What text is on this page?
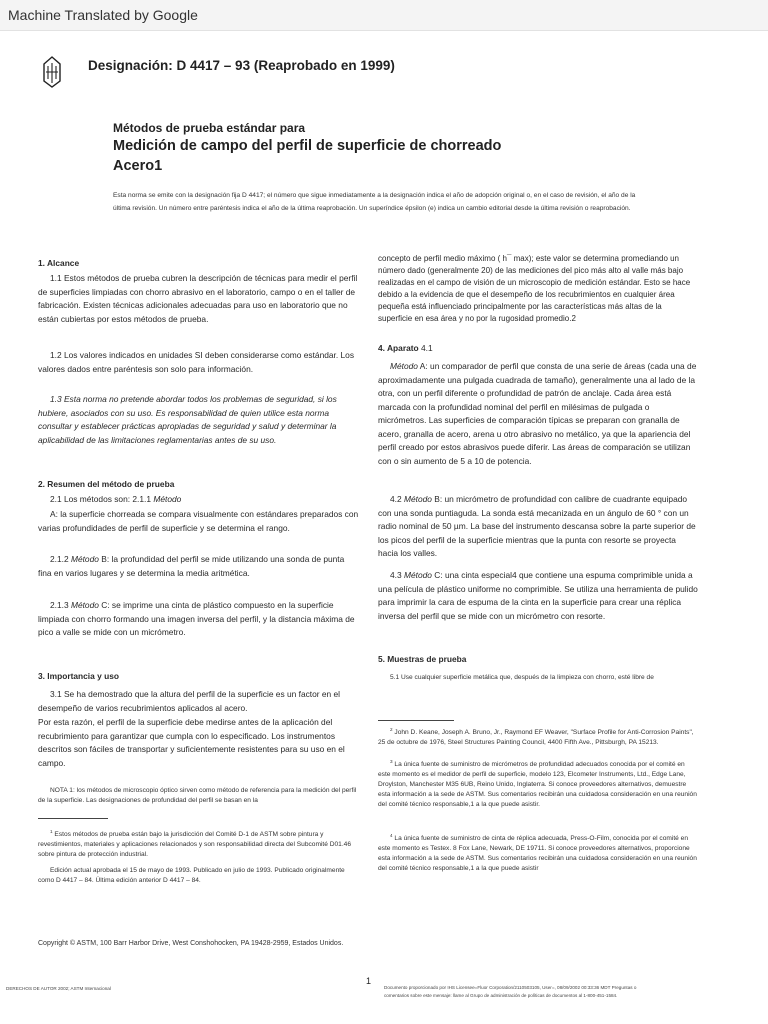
Machine Translated by Google
Designación: D 4417 – 93 (Reaprobado en 1999)
Métodos de prueba estándar para
Medición de campo del perfil de superficie de chorreado
Acero1
Esta norma se emite con la designación fija D 4417; el número que sigue inmediatamente a la designación indica el año de adopción original o, en el caso de revisión, el año de la última revisión. Un número entre paréntesis indica el año de la última reaprobación. Un superíndice épsilon (e) indica un cambio editorial desde la última revisión o reaprobación.
1. Alcance

1.1 Estos métodos de prueba cubren la descripción de técnicas para medir el perfil de superficies limpiadas con chorro abrasivo en el laboratorio, campo o en el taller de fabricación. Existen técnicas adicionales adecuadas para uso en laboratorio que no están cubiertas por estos métodos de prueba.

1.2 Los valores indicados en unidades SI deben considerarse como estándar. Los valores dados entre paréntesis son solo para información.

1.3 Esta norma no pretende abordar todos los problemas de seguridad, si los hubiere, asociados con su uso. Es responsabilidad de quien utilice esta norma consultar y establecer prácticas apropiadas de seguridad y salud y determinar la aplicabilidad de las limitaciones reglamentarias antes de su uso.

2. Resumen del método de prueba

2.1 Los métodos son: 2.1.1 Método

A: la superficie chorreada se compara visualmente con estándares preparados con varias profundidades de perfil de superficie y se determina el rango.

2.1.2 Método B: la profundidad del perfil se mide utilizando una sonda de punta fina en varios lugares y se determina la media aritmética.

2.1.3 Método C: se imprime una cinta de plástico compuesto en la superficie limpiada con chorro formando una imagen inversa del perfil, y la distancia máxima de pico a valle se mide con un micrómetro.

3. Importancia y uso

3.1 Se ha demostrado que la altura del perfil de la superficie es un factor en el desempeño de varios recubrimientos aplicados al acero.

Por esta razón, el perfil de la superficie debe medirse antes de la aplicación del recubrimiento para garantizar que cumpla con lo especificado. Los instrumentos descritos son fáciles de transportar y suficientemente resistentes para su uso en el campo.

NOTA 1: los métodos de microscopio óptico sirven como método de referencia para la medición del perfil de la superficie. Las designaciones de profundidad del perfil se basan en la

$^1$ Estos métodos de prueba están bajo la jurisdicción del Comité D-1 de ASTM sobre pintura y revestimientos, materiales y aplicaciones relacionados y son responsabilidad directa del Subcomité D01.46 sobre pintura de protección industrial.

Edición actual aprobada el 15 de mayo de 1993. Publicado en julio de 1993. Publicado originalmente como D 4417 – 84. Última edición anterior D 4417 – 84.

concepto de perfil medio máximo ( h¯ max); este valor se determina promediando un número dado (generalmente 20) de las mediciones del pico más alto al valle más bajo realizadas en el campo de visión de un microscopio de medición estándar. Esto se hace debido a la evidencia de que el desempeño de los recubrimientos en cualquier área pequeña está influenciado principalmente por las características más altas de la superficie en esa área y no por la rugosidad promedio.2

4. Aparato 4.1

Método A: un comparador de perfil que consta de una serie de áreas (cada una de aproximadamente una pulgada cuadrada de tamaño), generalmente una al lado de la otra, con un perfil diferente o profundidad de patrón de anclaje. Cada área está marcada con la profundidad nominal del perfil en milésimas de pulgada o micrómetros. Las superficies de comparación típicas se preparan con granalla de acero, granalla de acero, arena u otro abrasivo no metálico, ya que la apariencia del perfil creado por estos abrasivos puede diferir. Las áreas de comparación se utilizan con o sin aumento de 5 a 10 de potencia.

4.2 Método B: un micrómetro de profundidad con calibre de cuadrante equipado con una sonda puntiaguda. La sonda está mecanizada en un ángulo de 60 ° con un radio nominal de 50 µm. La base del instrumento descansa sobre la parte superior de los picos del perfil de la superficie mientras que la punta con resorte se proyecta hacia los valles.

4.3 Método C: una cinta especial4 que contiene una espuma comprimible unida a una película de plástico uniforme no comprimible. Se utiliza una herramienta de pulido para imprimir la cara de espuma de la cinta en la superficie para crear una réplica inversa del perfil que se mide con un micrómetro con resorte.

5. Muestras de prueba

5.1 Use cualquier superficie metálica que, después de la limpieza con chorro, esté libre de

$^2$ John D. Keane, Joseph A. Bruno, Jr., Raymond EF Weaver, "Surface Profile for Anti-Corrosion Paints", 25 de octubre de 1976, Steel Structures Painting Council, 4400 Fifth Ave., Pittsburgh, PA 15213.

$^3$ La única fuente de suministro de micrómetros de profundidad adecuados conocida por el comité en este momento es el medidor de perfil de superficie, modelo 123, Elcometer Instruments, Ltd., Edge Lane, Droylston, Manchester M35 6UB, Reino Unido, Inglaterra. Si conoce proveedores alternativos, demuestre esta información a la sede de ASTM. Sus comentarios recibirán una cuidadosa consideración en una reunión del comité técnico responsable,1 a la que puede asistir.

$^4$ La única fuente de suministro de cinta de réplica adecuada, Press-O-Film, conocida por el comité en este momento es Testex. 8 Fox Lane, Newark, DE 19711. Si conoce proveedores alternativos, proporcione esta información a la sede de ASTM. Sus comentarios recibirán una cuidadosa consideración en una reunión del comité técnico responsable,1 a la que puede asistir

Copyright © ASTM, 100 Barr Harbor Drive, West Conshohocken, PA 19428-2959, Estados Unidos.
DERECHOS DE AUTOR 2002; ASTM Internacional
1
Documento proporcionado por IHS Licensee=Fluor Corporation/2110503105, User=, 08/09/2002 00:33:36 MDT Preguntas o comentarios sobre este mensaje: llame al Grupo de administración de políticas de documentos al 1-800-451-1584.
